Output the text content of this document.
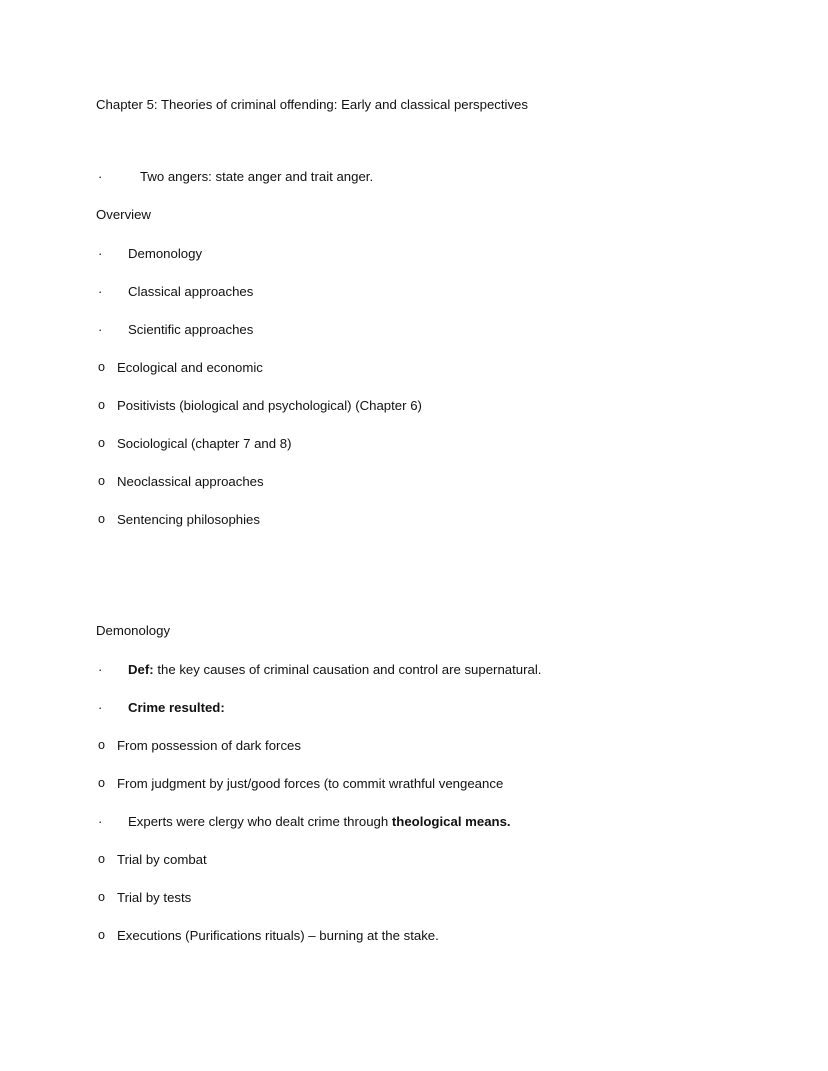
Chapter 5: Theories of criminal offending: Early and classical perspectives

·	Two angers: state anger and trait anger.

Overview

·	Demonology
·	Classical approaches
·	Scientific approaches
o Ecological and economic
o Positivists (biological and psychological) (Chapter 6)
o Sociological (chapter 7 and 8)
o Neoclassical approaches
o Sentencing philosophies

Demonology

·	Def: the key causes of criminal causation and control are supernatural.
·	Crime resulted:
o From possession of dark forces
o From judgment by just/good forces (to commit wrathful vengeance
·	Experts were clergy who dealt crime through theological means.
o Trial by combat
o Trial by tests
o Executions (Purifications rituals) – burning at the stake.
